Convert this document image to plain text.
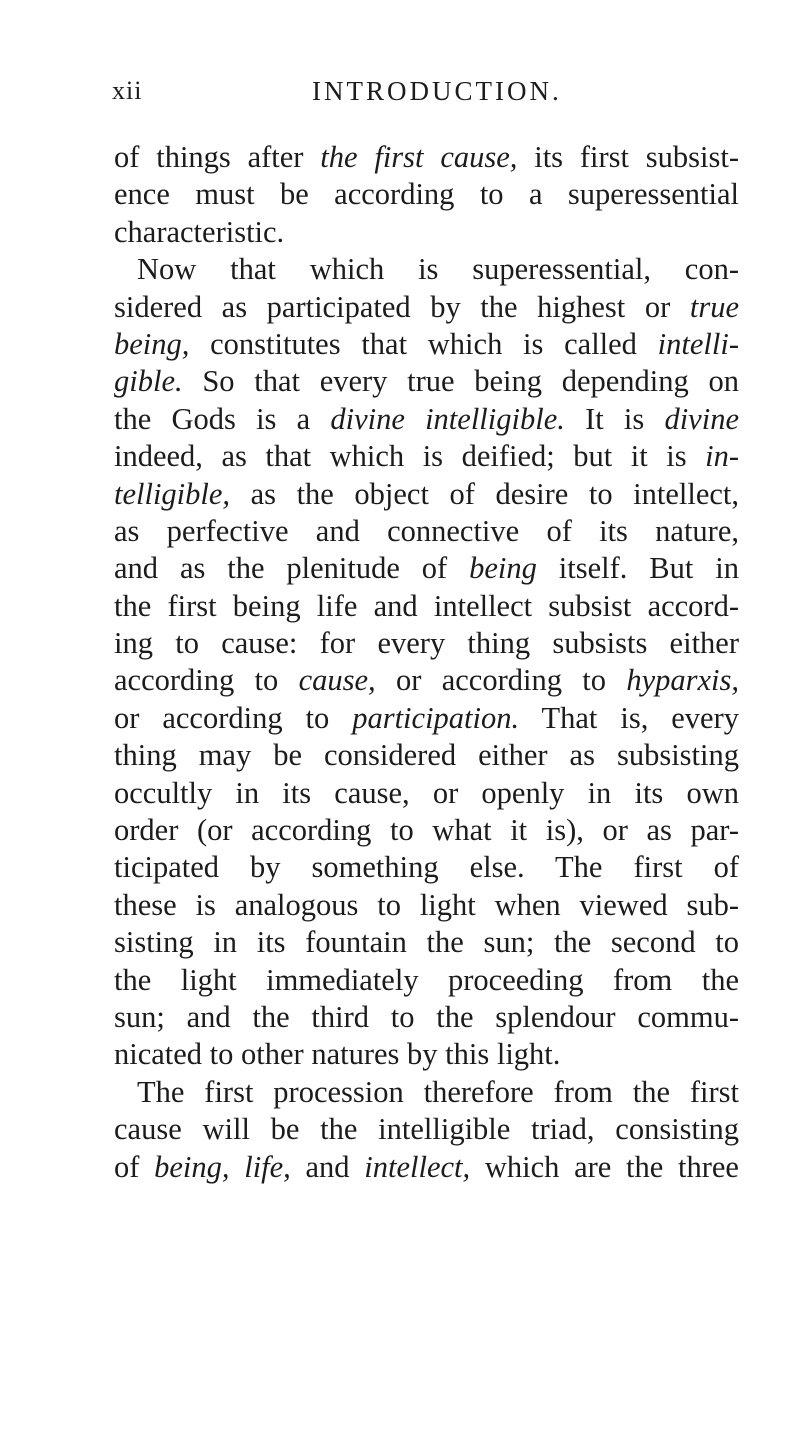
xii	INTRODUCTION.
of things after the first cause, its first subsist-
ence must be according to a superessential
characteristic.
Now that which is superessential, con-
sidered as participated by the highest or true
being, constitutes that which is called intelli-
gible. So that every true being depending on
the Gods is a divine intelligible. It is divine
indeed, as that which is deified; but it is in-
telligible, as the object of desire to intellect,
as perfective and connective of its nature,
and as the plenitude of being itself. But in
the first being life and intellect subsist accord-
ing to cause: for every thing subsists either
according to cause, or according to hyparxis,
or according to participation. That is, every
thing may be considered either as subsisting
occultly in its cause, or openly in its own
order (or according to what it is), or as par-
ticipated by something else. The first of
these is analogous to light when viewed sub-
sisting in its fountain the sun; the second to
the light immediately proceeding from the
sun; and the third to the splendour commu-
nicated to other natures by this light.
The first procession therefore from the first
cause will be the intelligible triad, consisting
of being, life, and intellect, which are the three
